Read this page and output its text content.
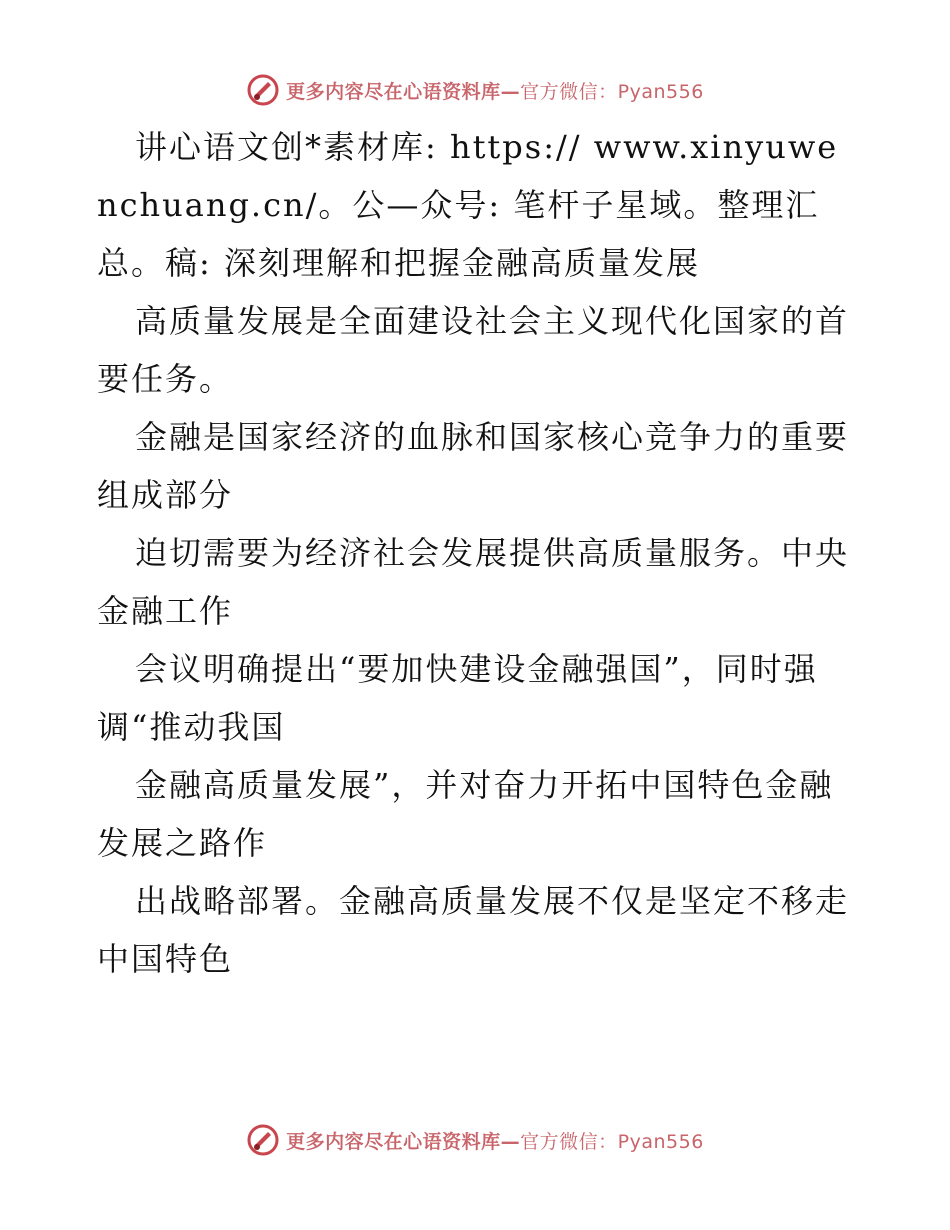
更多内容尽在心语资料库—官方微信：Pyan556

讲心语文创*素材库: https:// www.xinyuwenchuang.cn/。公—众号: 笔杆子星域。整理汇总。稿: 深刻理解和把握金融高质量发展

高质量发展是全面建设社会主义现代化国家的首要任务。

金融是国家经济的血脉和国家核心竞争力的重要组成部分

迫切需要为经济社会发展提供高质量服务。中央金融工作

会议明确提出“要加快建设金融强国”，同时强调“推动我国

金融高质量发展”，并对奋力开拓中国特色金融发展之路作

出战略部署。金融高质量发展不仅是坚定不移走中国特色

更多内容尽在心语资料库—官方微信：Pyan556
